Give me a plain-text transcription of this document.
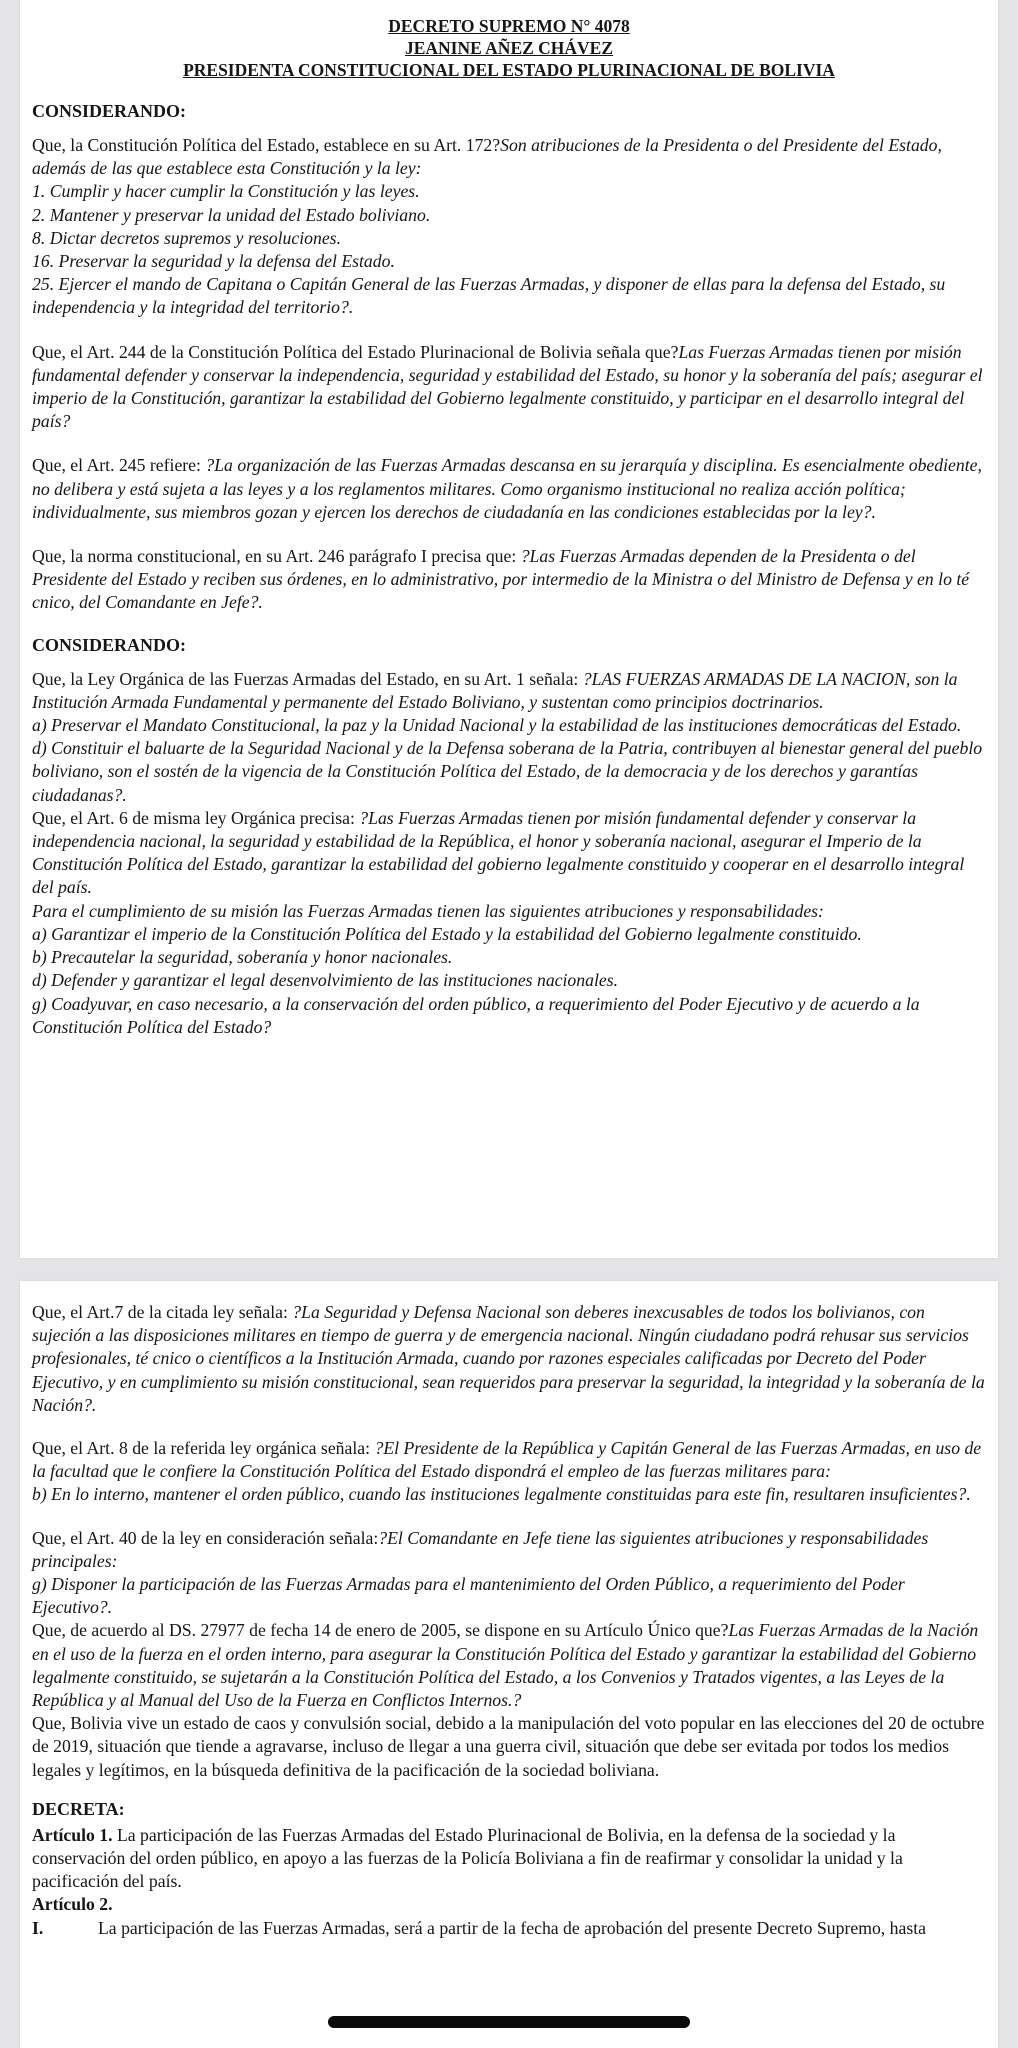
DECRETO SUPREMO N° 4078
JEANINE AÑEZ CHÁVEZ
PRESIDENTA CONSTITUCIONAL DEL ESTADO PLURINACIONAL DE BOLIVIA
CONSIDERANDO:

Que, la Constitución Política del Estado, establece en su Art. 172?Son atribuciones de la Presidenta o del Presidente del Estado, además de las que establece esta Constitución y la ley:
1. Cumplir y hacer cumplir la Constitución y las leyes.
2. Mantener y preservar la unidad del Estado boliviano.
8. Dictar decretos supremos y resoluciones.
16. Preservar la seguridad y la defensa del Estado.
25. Ejercer el mando de Capitana o Capitán General de las Fuerzas Armadas, y disponer de ellas para la defensa del Estado, su independencia y la integridad del territorio?.

Que, el Art. 244 de la Constitución Política del Estado Plurinacional de Bolivia señala que?Las Fuerzas Armadas tienen por misión fundamental defender y conservar la independencia, seguridad y estabilidad del Estado, su honor y la soberanía del país; asegurar el imperio de la Constitución, garantizar la estabilidad del Gobierno legalmente constituido, y participar en el desarrollo integral del país?

Que, el Art. 245 refiere: ?La organización de las Fuerzas Armadas descansa en su jerarquía y disciplina. Es esencialmente obediente, no delibera y está sujeta a las leyes y a los reglamentos militares. Como organismo institucional no realiza acción política; individualmente, sus miembros gozan y ejercen los derechos de ciudadanía en las condiciones establecidas por la ley?.

Que, la norma constitucional, en su Art. 246 parágrafo I precisa que: ?Las Fuerzas Armadas dependen de la Presidenta o del Presidente del Estado y reciben sus órdenes, en lo administrativo, por intermedio de la Ministra o del Ministro de Defensa y en lo té cnico, del Comandante en Jefe?.

CONSIDERANDO:

Que, la Ley Orgánica de las Fuerzas Armadas del Estado, en su Art. 1 señala: ?LAS FUERZAS ARMADAS DE LA NACION, son la Institución Armada Fundamental y permanente del Estado Boliviano, y sustentan como principios doctrinarios.
a) Preservar el Mandato Constitucional, la paz y la Unidad Nacional y la estabilidad de las instituciones democráticas del Estado.
d) Constituir el baluarte de la Seguridad Nacional y de la Defensa soberana de la Patria, contribuyen al bienestar general del pueblo boliviano, son el sostén de la vigencia de la Constitución Política del Estado, de la democracia y de los derechos y garantías ciudadanas?.

Que, el Art. 6 de misma ley Orgánica precisa: ?Las Fuerzas Armadas tienen por misión fundamental defender y conservar la independencia nacional, la seguridad y estabilidad de la República, el honor y soberanía nacional, asegurar el Imperio de la Constitución Política del Estado, garantizar la estabilidad del gobierno legalmente constituido y cooperar en el desarrollo integral del país.
Para el cumplimiento de su misión las Fuerzas Armadas tienen las siguientes atribuciones y responsabilidades:
a) Garantizar el imperio de la Constitución Política del Estado y la estabilidad del Gobierno legalmente constituido.
b) Precautelar la seguridad, soberanía y honor nacionales.
d) Defender y garantizar el legal desenvolvimiento de las instituciones nacionales.
g) Coadyuvar, en caso necesario, a la conservación del orden público, a requerimiento del Poder Ejecutivo y de acuerdo a la Constitución Política del Estado?

Que, el Art.7 de la citada ley señala: ?La Seguridad y Defensa Nacional son deberes inexcusables de todos los bolivianos, con sujeción a las disposiciones militares en tiempo de guerra y de emergencia nacional. Ningún ciudadano podrá rehusar sus servicios profesionales, té cnico o científicos a la Institución Armada, cuando por razones especiales calificadas por Decreto del Poder Ejecutivo, y en cumplimiento su misión constitucional, sean requeridos para preservar la seguridad, la integridad y la soberanía de la Nación?.

Que, el Art. 8 de la referida ley orgánica señala: ?El Presidente de la República y Capitán General de las Fuerzas Armadas, en uso de la facultad que le confiere la Constitución Política del Estado dispondrá el empleo de las fuerzas militares para:
b) En lo interno, mantener el orden público, cuando las instituciones legalmente constituidas para este fin, resultaren insuficientes?.

Que, el Art. 40 de la ley en consideración señala:?El Comandante en Jefe tiene las siguientes atribuciones y responsabilidades principales:
g) Disponer la participación de las Fuerzas Armadas para el mantenimiento del Orden Público, a requerimiento del Poder Ejecutivo?.

Que, de acuerdo al DS. 27977 de fecha 14 de enero de 2005, se dispone en su Artículo Único que?Las Fuerzas Armadas de la Nación en el uso de la fuerza en el orden interno, para asegurar la Constitución Política del Estado y garantizar la estabilidad del Gobierno legalmente constituido, se sujetarán a la Constitución Política del Estado, a los Convenios y Tratados vigentes, a las Leyes de la República y al Manual del Uso de la Fuerza en Conflictos Internos.?

Que, Bolivia vive un estado de caos y convulsión social, debido a la manipulación del voto popular en las elecciones del 20 de octubre de 2019, situación que tiende a agravarse, incluso de llegar a una guerra civil, situación que debe ser evitada por todos los medios legales y legítimos, en la búsqueda definitiva de la pacificación de la sociedad boliviana.

DECRETA:

Artículo 1. La participación de las Fuerzas Armadas del Estado Plurinacional de Bolivia, en la defensa de la sociedad y la conservación del orden público, en apoyo a las fuerzas de la Policía Boliviana a fin de reafirmar y consolidar la unidad y la pacificación del país.

Artículo 2.
I.	La participación de las Fuerzas Armadas, será a partir de la fecha de aprobación del presente Decreto Supremo, hasta
